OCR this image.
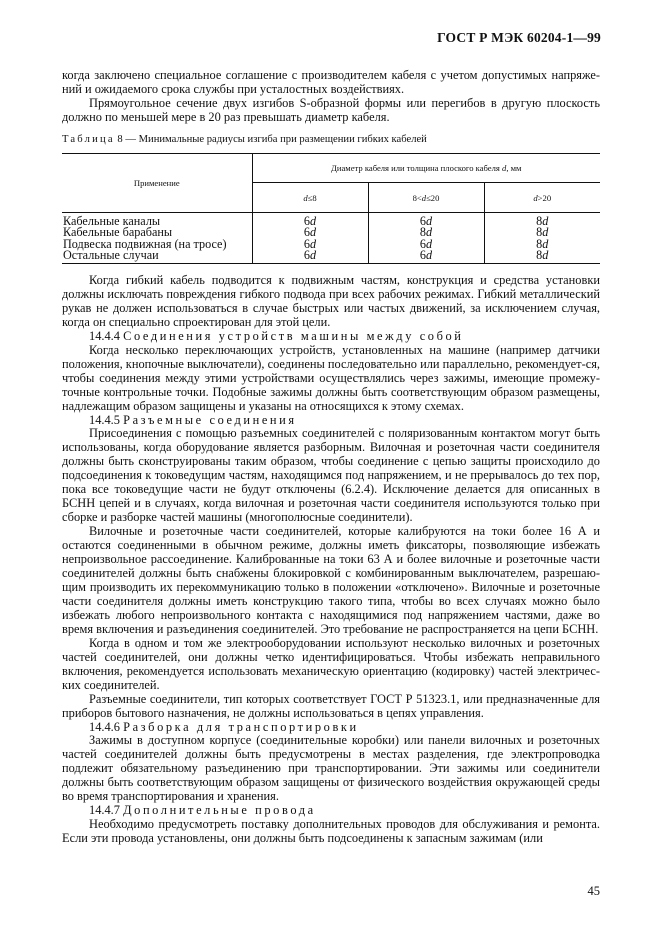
ГОСТ Р МЭК 60204-1—99

когда заключено специальное соглашение с производителем кабеля с учетом допустимых напряже-ний и ожидаемого срока службы при усталостных воздействиях.

Прямоугольное сечение двух изгибов S-образной формы или перегибов в другую плоскость должно по меньшей мере в 20 раз превышать диаметр кабеля.

Таблица 8 — Минимальные радиусы изгиба при размещении гибких кабелей
Применение	Диаметр кабеля или толщина плоского кабеля d, мм		
	d≤8	8<d≤20	d>20
Кабельные каналы	6d	6d	8d
Кабельные барабаны	6d	8d	8d
Подвеска подвижная (на тросе)	6d	6d	8d
Остальные случаи	6d	6d	8d

Когда гибкий кабель подводится к подвижным частям, конструкция и средства установки должны исключать повреждения гибкого подвода при всех рабочих режимах. Гибкий металлический рукав не должен использоваться в случае быстрых или частых движений, за исключением случая, когда он специально спроектирован для этой цели.

14.4.4 Соединения устройств машины между собой

Когда несколько переключающих устройств, установленных на машине (например датчики положения, кнопочные выключатели), соединены последовательно или параллельно, рекомендует-ся, чтобы соединения между этими устройствами осуществлялись через зажимы, имеющие промежу-точные контрольные точки. Подобные зажимы должны быть соответствующим образом размещены, надлежащим образом защищены и указаны на относящихся к этому схемах.

14.4.5 Разъемные соединения

Присоединения с помощью разъемных соединителей с поляризованным контактом могут быть использованы, когда оборудование является разборным. Вилочная и розеточная части соединителя должны быть сконструированы таким образом, чтобы соединение с цепью защиты происходило до подсоединения к токоведущим частям, находящимся под напряжением, и не прерывалось до тех пор, пока все токоведущие части не будут отключены (6.2.4). Исключение делается для описанных в БСНН цепей и в случаях, когда вилочная и розеточная части соединителя используются только при сборке и разборке частей машины (многополюсные соединители).

Вилочные и розеточные части соединителей, которые калибруются на токи более 16 А и остаются соединенными в обычном режиме, должны иметь фиксаторы, позволяющие избежать непроизвольное рассоединение. Калиброванные на токи 63 А и более вилочные и розеточные части соединителей должны быть снабжены блокировкой с комбинированным выключателем, разрешаю-щим производить их перекоммуникацию только в положении «отключено». Вилочные и розеточные части соединителя должны иметь конструкцию такого типа, чтобы во всех случаях можно было избежать любого непроизвольного контакта с находящимися под напряжением частями, даже во время включения и разъединения соединителей. Это требование не распространяется на цепи БСНН.

Когда в одном и том же электрооборудовании используют несколько вилочных и розеточных частей соединителей, они должны четко идентифицироваться. Чтобы избежать неправильного включения, рекомендуется использовать механическую ориентацию (кодировку) частей электричес-ких соединителей.

Разъемные соединители, тип которых соответствует ГОСТ Р 51323.1, или предназначенные для приборов бытового назначения, не должны использоваться в цепях управления.

14.4.6 Разборка для транспортировки

Зажимы в доступном корпусе (соединительные коробки) или панели вилочных и розеточных частей соединителей должны быть предусмотрены в местах разделения, где электропроводка подлежит обязательному разъединению при транспортировании. Эти зажимы или соединители должны быть соответствующим образом защищены от физического воздействия окружающей среды во время транспортирования и хранения.

14.4.7 Дополнительные провода

Необходимо предусмотреть поставку дополнительных проводов для обслуживания и ремонта. Если эти провода установлены, они должны быть подсоединены к запасным зажимам (или

45
